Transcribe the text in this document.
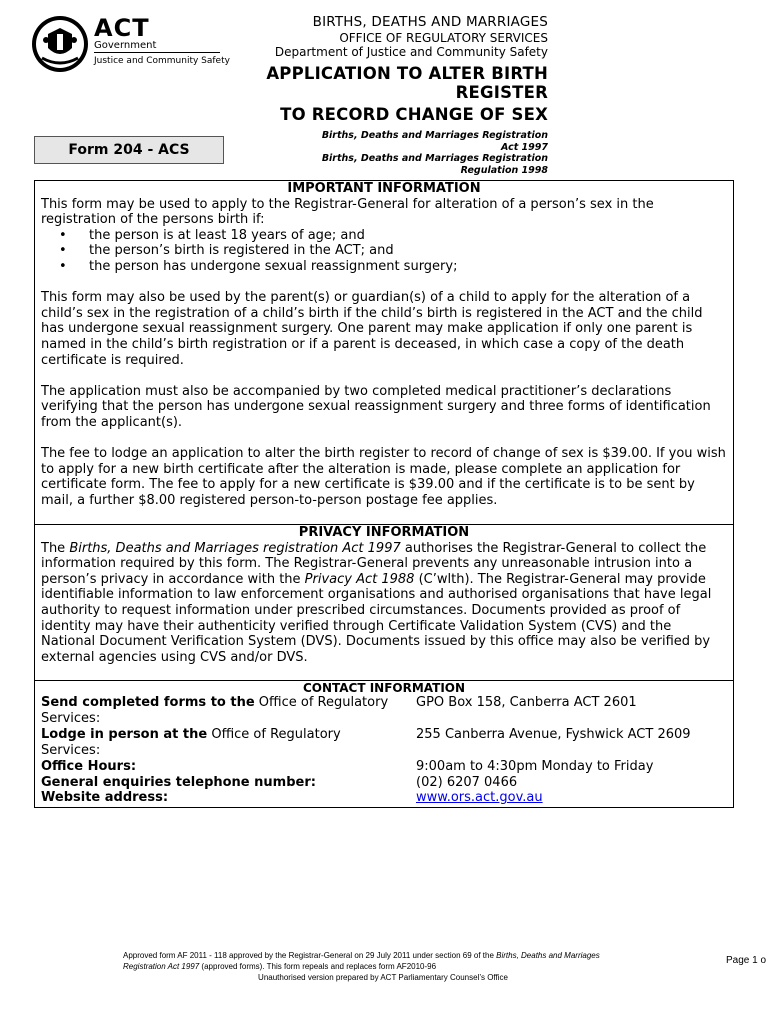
ACT
Government
Justice and Community Safety
BIRTHS, DEATHS AND MARRIAGES
OFFICE OF REGULATORY SERVICES
Department of Justice and Community Safety
APPLICATION TO ALTER BIRTH
REGISTER
TO RECORD CHANGE OF SEX
Births, Deaths and Marriages Registration
Act 1997
Births, Deaths and Marriages Registration
Regulation 1998
Form 204 - ACS
IMPORTANT INFORMATION

This form may be used to apply to the Registrar-General for alteration of a person’s sex in the registration of the persons birth if:

• the person is at least 18 years of age; and
• the person’s birth is registered in the ACT; and
• the person has undergone sexual reassignment surgery;

This form may also be used by the parent(s) or guardian(s) of a child to apply for the alteration of a child’s sex in the registration of a child’s birth if the child’s birth is registered in the ACT and the child has undergone sexual reassignment surgery. One parent may make application if only one parent is named in the child’s birth registration or if a parent is deceased, in which case a copy of the death certificate is required.

The application must also be accompanied by two completed medical practitioner’s declarations verifying that the person has undergone sexual reassignment surgery and three forms of identification from the applicant(s).

The fee to lodge an application to alter the birth register to record of change of sex is $39.00. If you wish to apply for a new birth certificate after the alteration is made, please complete an application for certificate form. The fee to apply for a new certificate is $39.00 and if the certificate is to be sent by mail, a further $8.00 registered person-to-person postage fee applies.

PRIVACY INFORMATION

The Births, Deaths and Marriages registration Act 1997 authorises the Registrar-General to collect the information required by this form. The Registrar-General prevents any unreasonable intrusion into a person’s privacy in accordance with the Privacy Act 1988 (C’wlth). The Registrar-General may provide identifiable information to law enforcement organisations and authorised organisations that have legal authority to request information under prescribed circumstances. Documents provided as proof of identity may have their authenticity verified through Certificate Validation System (CVS) and the National Document Verification System (DVS). Documents issued by this office may also be verified by external agencies using CVS and/or DVS.

CONTACT INFORMATION
Send completed forms to the Office of Regulatory Services:
GPO Box 158, Canberra ACT 2601
Lodge in person at the Office of Regulatory Services:
255 Canberra Avenue, Fyshwick ACT 2609
Office Hours:	9:00am to 4:30pm Monday to Friday
General enquiries telephone number:	(02) 6207 0466
Website address:	www.ors.act.gov.au
Approved form AF 2011 - 118 approved by the Registrar-General on 29 July 2011 under section 69 of the Births, Deaths and Marriages Registration Act 1997 (approved forms). This form repeals and replaces form AF2010-96
Unauthorised version prepared by ACT Parliamentary Counsel’s Office
Page 1 o
